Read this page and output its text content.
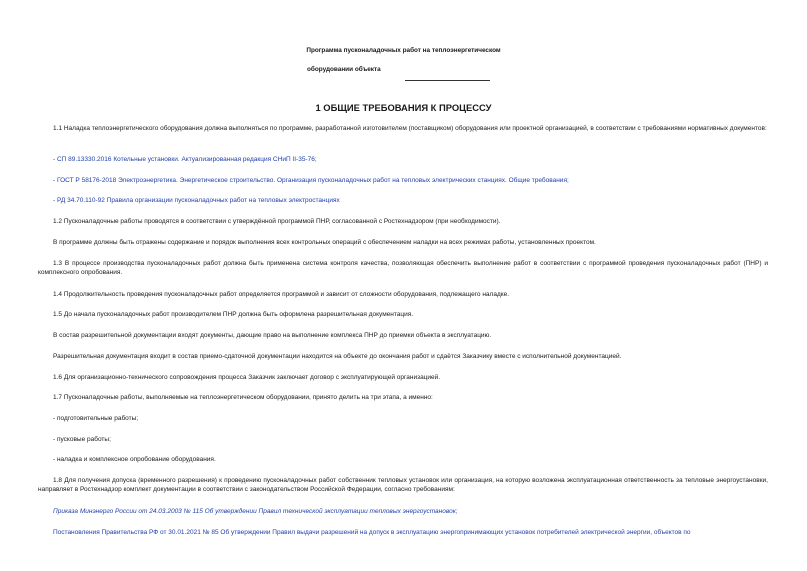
Программа пусконаладочных работ на теплоэнергетическом
оборудовании объекта
1 ОБЩИЕ ТРЕБОВАНИЯ К ПРОЦЕССУ
1.1 Наладка теплоэнергетического оборудования должна выполняться по программе, разработанной изготовителем (поставщиком) оборудования или проектной организацией, в соответствии с требованиями нормативных документов:
- СП 89.13330.2016 Котельные установки. Актуализированная редакция СНиП II-35-76;
- ГОСТ Р 58176-2018 Электроэнергетика. Энергетическое строительство. Организация пусконаладочных работ на тепловых электрических станциях. Общие требования;
- РД 34.70.110-92 Правила организации пусконаладочных работ на тепловых электростанциях
1.2 Пусконаладочные работы проводятся в соответствии с утверждённой программой ПНР, согласованной с Ростехнадзором (при необходимости).
В программе должны быть отражены содержание и порядок выполнения всех контрольных операций с обеспечением наладки на всех режимах работы, установленных проектом.
1.3 В процессе производства пусконаладочных работ должна быть применена система контроля качества, позволяющая обеспечить выполнение работ в соответствии с программой проведения пусконаладочных работ (ПНР) и комплексного опробования.
1.4 Продолжительность проведения пусконаладочных работ определяется программой и зависит от сложности оборудования, подлежащего наладке.
1.5 До начала пусконаладочных работ производителем ПНР должна быть оформлена разрешительная документация.
В состав разрешительной документации входят документы, дающие право на выполнение комплекса ПНР до приемки объекта в эксплуатацию.
Разрешительная документация входит в состав приемо-сдаточной документации находится на объекте до окончания работ и сдаётся Заказчику вместе с исполнительной документацией.
1.6 Для организационно-технического сопровождения процесса Заказчик заключает договор с эксплуатирующей организацией.
1.7 Пусконаладочные работы, выполняемые на теплоэнергетическом оборудовании, принято делить на три этапа, а именно:
- подготовительные работы;
- пусковые работы;
- наладка и комплексное опробование оборудования.
1.8 Для получения допуска (временного разрешения) к проведению пусконаладочных работ собственник тепловых установок или организация, на которую возложена эксплуатационная ответственность за тепловые энергоустановки, направляет в Ростехнадзор комплект документации в соответствии с законодательством Российской Федерации, согласно требованиям:
Приказа Минэнерго России от 24.03.2003 № 115 Об утверждении Правил технической эксплуатации тепловых энергоустановок;
Постановления Правительства РФ от 30.01.2021 № 85 Об утверждении Правил выдачи разрешений на допуск в эксплуатацию энергопринимающих установок потребителей электрической энергии, объектов по
